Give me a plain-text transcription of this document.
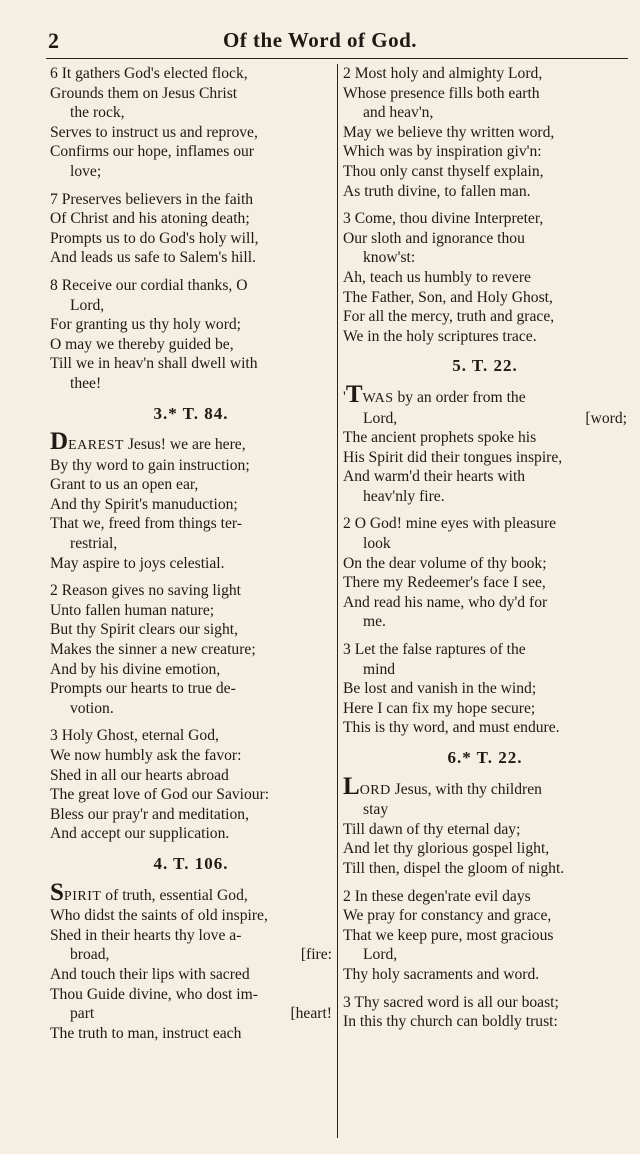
2	Of the Word of God.
6 It gathers God's elected flock,
Grounds them on Jesus Christ
the rock,
Serves to instruct us and reprove,
Confirms our hope, inflames our
love;
7 Preserves believers in the faith
Of Christ and his atoning death;
Prompts us to do God's holy will,
And leads us safe to Salem's hill.
8 Receive our cordial thanks, O
Lord,
For granting us thy holy word;
O may we thereby guided be,
Till we in heav'n shall dwell with
thee!
3.* T. 84.
DEAREST Jesus! we are here,
By thy word to gain instruction;
Grant to us an open ear,
And thy Spirit's manuduction;
That we, freed from things ter-
restrial,
May aspire to joys celestial.
2 Reason gives no saving light
Unto fallen human nature;
But thy Spirit clears our sight,
Makes the sinner a new creature;
And by his divine emotion,
Prompts our hearts to true de-
votion.
3 Holy Ghost, eternal God,
We now humbly ask the favor:
Shed in all our hearts abroad
The great love of God our Saviour:
Bless our pray'r and meditation,
And accept our supplication.
4. T. 106.
SPIRIT of truth, essential God,
Who didst the saints of old inspire,
Shed in their hearts thy love a-
broad,	[fire:
And touch their lips with sacred
Thou Guide divine, who dost im-
part	[heart!
The truth to man, instruct each
2 Most holy and almighty Lord,
Whose presence fills both earth
and heav'n,
May we believe thy written word,
Which was by inspiration giv'n:
Thou only canst thyself explain,
As truth divine, to fallen man.
3 Come, thou divine Interpreter,
Our sloth and ignorance thou
know'st:
Ah, teach us humbly to revere
The Father, Son, and Holy Ghost,
For all the mercy, truth and grace,
We in the holy scriptures trace.
5. T. 22.
'TWAS by an order from the
Lord,	[word;
The ancient prophets spoke his
His Spirit did their tongues inspire,
And warm'd their hearts with
heav'nly fire.
2 O God! mine eyes with pleasure
look
On the dear volume of thy book;
There my Redeemer's face I see,
And read his name, who dy'd for
me.
3 Let the false raptures of the
mind
Be lost and vanish in the wind;
Here I can fix my hope secure;
This is thy word, and must endure.
6.* T. 22.
LORD Jesus, with thy children
stay
Till dawn of thy eternal day;
And let thy glorious gospel light,
Till then, dispel the gloom of night.
2 In these degen'rate evil days
We pray for constancy and grace,
That we keep pure, most gracious
Lord,
Thy holy sacraments and word.
3 Thy sacred word is all our boast;
In this thy church can boldly trust:
